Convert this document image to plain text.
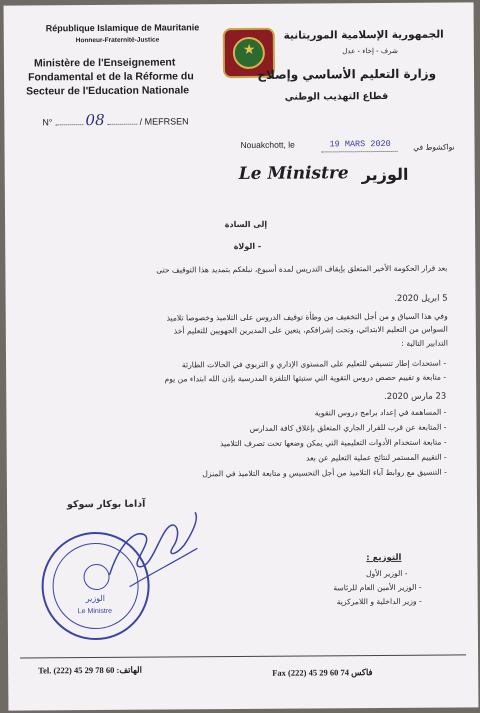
République Islamique de Mauritanie
Honneur-Fraternité-Justice
Ministère de l'Enseignement
Fondamental et de la Réforme du
Secteur de l'Education Nationale
N° 08	/ MEFRSEN
★
الجمهورية الإسلامية الموريتانية
شرف - إخاء - عدل
وزارة التعليم الأساسي وإصلاح
قطاع التهذيب الوطني
Nouakchott, le	19 MARS 2020	نواكشوط في
Le Ministre الوزير
إلى السادة
- الولاة
بعد قرار الحكومة الأخير المتعلق بإيقاف التدريس لمدة أسبوع، نبلغكم بتمديد هذا التوقيف حتى
5 ابريل 2020.
وفي هذا السياق و من أجل التخفيف من وطأة توقيف الدروس على التلاميذ وخصوصا تلاميذ
السواس من التعليم الابتدائي، وتحت إشرافكم، يتعين على المديرين الجهويين للتعليم أخذ
التدابير التالية :
- استحداث إطار تنسيقي للتعليم على المستوى الإداري و التربوي في الحالات الطارئة
- متابعة و تقييم حصص دروس التقوية التي ستبثها التلفزة المدرسية بإذن الله ابتداء من يوم
23 مارس 2020.
- المساهمة في إعداد برامج دروس التقوية
- المتابعة عن قرب للقرار الجاري المتعلق بإغلاق كافة المدارس
- متابعة استخدام الأدوات التعليمية التي يمكن وضعها تحت تصرف التلاميذ
- التقييم المستمر لنتائج عملية التعليم عن بعد
- التنسيق مع روابط آباء التلاميذ من أجل التحسيس و متابعة التلاميذ في المنزل
آداما بوكار سوكو
الوزير
Le Ministre
التوزيع :
- الوزير الأول
- الوزير الأمين العام للرئاسة
- وزير الداخلية و اللامركزية
Tel. (222) 45 29 78 60 :الهاتف	Fax (222) 45 29 60 74 فاكس
